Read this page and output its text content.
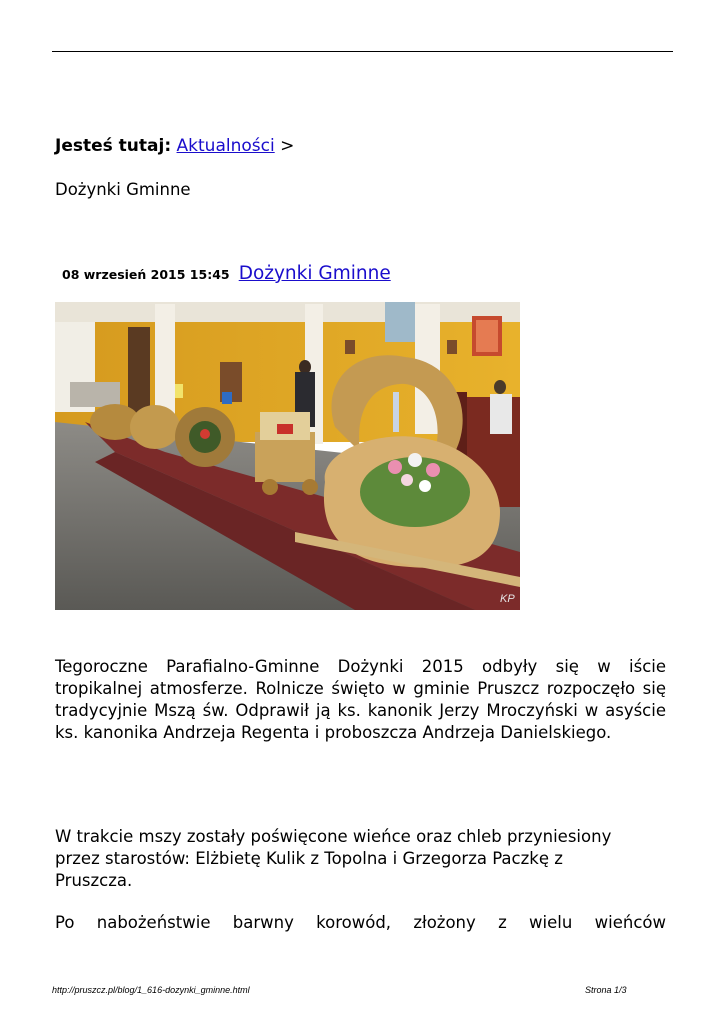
Jesteś tutaj: Aktualności >
Dożynki Gminne
08 wrzesień 2015 15:45 Dożynki Gminne
KP
Tegoroczne Parafialno-Gminne Dożynki 2015 odbyły się w iście tropikalnej atmosferze. Rolnicze święto w gminie Pruszcz rozpoczęło się tradycyjnie Mszą św. Odprawił ją ks. kanonik Jerzy Mroczyński w asyście ks. kanonika Andrzeja Regenta i proboszcza Andrzeja Danielskiego.
W trakcie mszy zostały poświęcone wieńce oraz chleb przyniesiony
przez starostów: Elżbietę Kulik z Topolna i Grzegorza Paczkę z
Pruszcza.
Po nabożeństwie barwny korowód, złożony z wielu wieńców
http://pruszcz.pl/blog/1_616-dozynki_gminne.html	Strona 1/3
